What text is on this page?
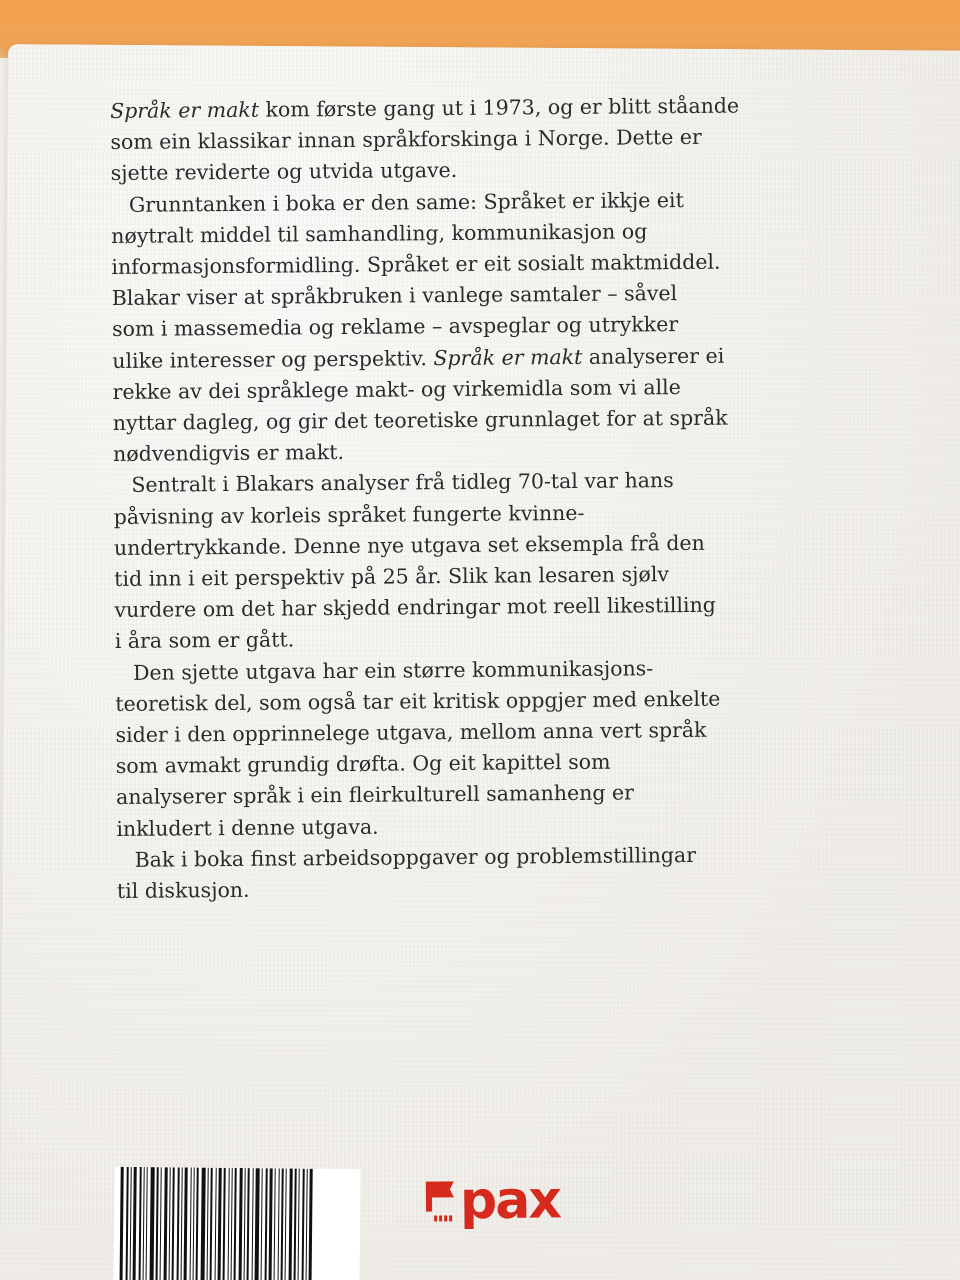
Språk er makt kom første gang ut i 1973, og er blitt ståande
som ein klassikar innan språkforskinga i Norge. Dette er
sjette reviderte og utvida utgave.

Grunntanken i boka er den same: Språket er ikkje eit
nøytralt middel til samhandling, kommunikasjon og
informasjonsformidling. Språket er eit sosialt maktmiddel.
Blakar viser at språkbruken i vanlege samtaler – såvel
som i massemedia og reklame – avspeglar og utrykker
ulike interesser og perspektiv. Språk er makt analyserer ei
rekke av dei språklege makt- og virkemidla som vi alle
nyttar dagleg, og gir det teoretiske grunnlaget for at språk
nødvendigvis er makt.

Sentralt i Blakars analyser frå tidleg 70-tal var hans
påvisning av korleis språket fungerte kvinne-
undertrykkande. Denne nye utgava set eksempla frå den
tid inn i eit perspektiv på 25 år. Slik kan lesaren sjølv
vurdere om det har skjedd endringar mot reell likestilling
i åra som er gått.

Den sjette utgava har ein større kommunikasjons-
teoretisk del, som også tar eit kritisk oppgjer med enkelte
sider i den opprinnelege utgava, mellom anna vert språk
som avmakt grundig drøfta. Og eit kapittel som
analyserer språk i ein fleirkulturell samanheng er
inkludert i denne utgava.

Bak i boka finst arbeidsoppgaver og problemstillingar
til diskusjon.

pax
